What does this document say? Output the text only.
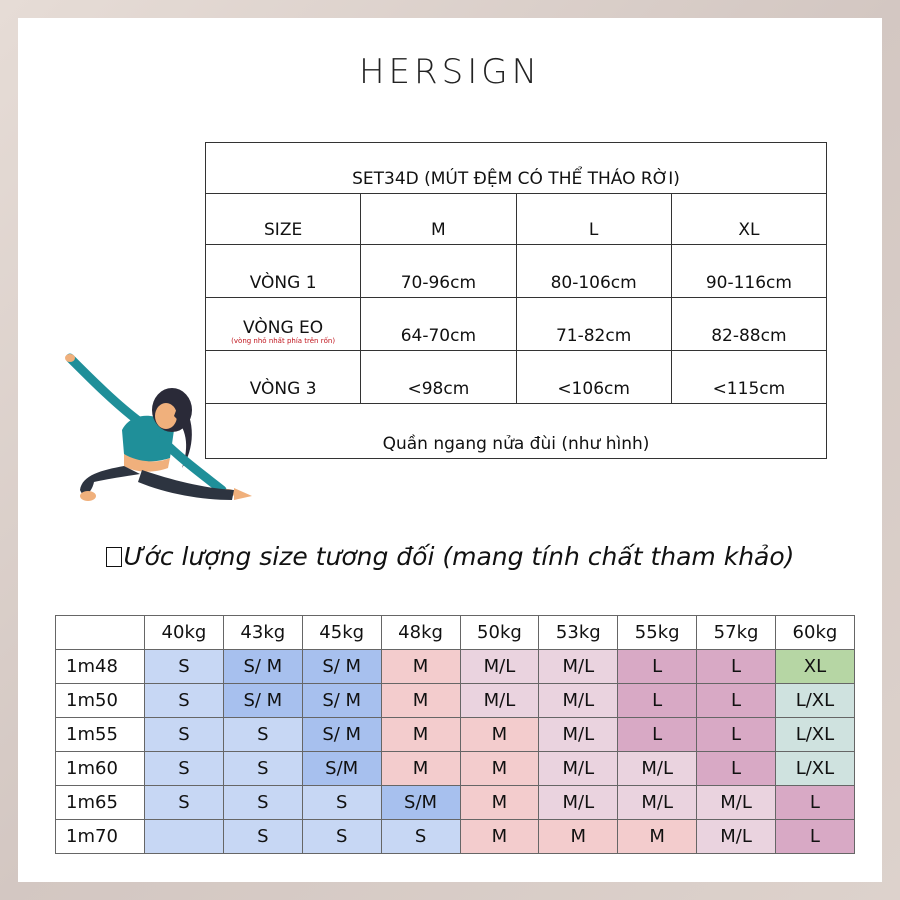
HERSIGN
SET34D (MÚT ĐỆM CÓ THỂ THÁO RỜI)			
SIZE	M	L	XL
VÒNG 1	70-96cm	80-106cm	90-116cm
VÒNG EO
(vòng nhỏ nhất phía trên rốn)	64-70cm	71-82cm	82-88cm
VÒNG 3	<98cm	<106cm	<115cm
Quần ngang nửa đùi (như hình)			
Ước lượng size tương đối (mang tính chất tham khảo)
	40kg	43kg	45kg	48kg	50kg	53kg	55kg	57kg	60kg
1m48	S	S/ M	S/ M	M	M/L	M/L	L	L	XL
1m50	S	S/ M	S/ M	M	M/L	M/L	L	L	L/XL
1m55	S	S	S/ M	M	M	M/L	L	L	L/XL
1m60	S	S	S/M	M	M	M/L	M/L	L	L/XL
1m65	S	S	S	S/M	M	M/L	M/L	M/L	L
1m70		S	S	S	M	M	M	M/L	L
